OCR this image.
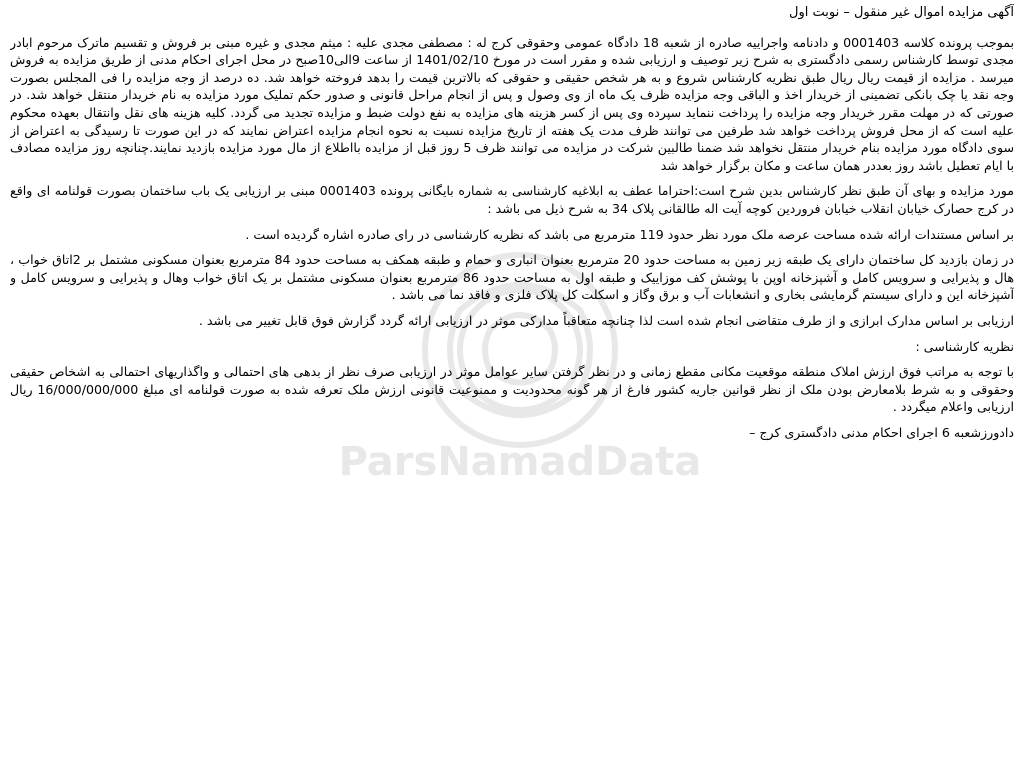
ParsNamadData

آگهی مزایده اموال غیر منقول – نوبت اول

بموجب پرونده کلاسه 0001403 و دادنامه واجراییه صادره از شعبه 18 دادگاه عمومی وحقوقی کرج له : مصطفی مجدی علیه : میثم مجدی و غیره مبنی بر فروش و تقسیم ماترک مرحوم ابادر مجدی توسط کارشناس رسمی دادگستری به شرح زیر توصیف و ارزیابی شده و مقرر است در مورخ 1401/02/10 از ساعت 9الی10صبح در محل اجرای احکام مدنی از طریق مزایده به فروش میرسد . مزایده از قیمت ریال ریال طبق نظریه کارشناس شروع و به هر شخص حقیقی و حقوقی که بالاترین قیمت را بدهد فروخته خواهد شد. ده درصد از وجه مزایده را فی المجلس بصورت وجه نقد یا چک بانکی تضمینی از خریدار اخذ و الباقی وجه مزایده ظرف یک ماه از وی وصول و پس از انجام مراحل قانونی و صدور حکم تملیک مورد مزایده به نام خریدار منتقل خواهد شد. در صورتی که در مهلت مقرر خریدار وجه مزایده را پرداخت ننماید سپرده وی پس از کسر هزینه های مزایده به نفع دولت ضبط و مزایده تجدید می گردد. کلیه هزینه های نقل وانتقال بعهده محکوم علیه است که از محل فروش پرداخت خواهد شد طرفین می توانند ظرف مدت یک هفته از تاریخ مزایده نسبت به نحوه انجام مزایده اعتراض نمایند که در این صورت تا رسیدگی به اعتراض از سوی دادگاه مورد مزایده بنام خریدار منتقل نخواهد شد ضمنا طالبین شرکت در مزایده می توانند ظرف 5 روز قبل از مزایده بااطلاع از مال مورد مزایده بازدید نمایند.چنانچه روز مزایده مصادف با ایام تعطیل باشد روز بعددر همان ساعت و مکان برگزار خواهد شد

مورد مزایده و بهای آن طبق نظر کارشناس بدین شرح است:احتراما عطف به ابلاغیه کارشناسی به شماره بایگانی پرونده 0001403 مبنی بر ارزیابی یک باب ساختمان بصورت قولنامه ای واقع در کرج حصارک خیابان انقلاب خیابان فروردین کوچه آیت اله طالقانی پلاک 34 به شرح ذیل می باشد :

بر اساس مستندات ارائه شده مساحت عرصه ملک مورد نظر حدود 119 مترمربع می باشد که نظریه کارشناسی در رای صادره اشاره گردیده است .

در زمان بازدید کل ساختمان دارای یک طبقه زیر زمین به مساحت حدود 20 مترمربع بعنوان انباری و حمام و طبقه همکف به مساحت حدود 84 مترمربع بعنوان مسکونی مشتمل بر 2اتاق خواب ، هال و پذیرایی و سرویس کامل و آشپزخانه اوپن با پوشش کف موزاییک و طبقه اول به مساحت حدود 86 مترمربع بعنوان مسکونی مشتمل بر یک اتاق خواب وهال و پذیرایی و سرویس کامل و آشپزخانه این و دارای سیستم گرمایشی بخاری و انشعابات آب و برق وگاز و اسکلت کل پلاک فلزی و فاقد نما می باشد .

ارزیابی بر اساس مدارک ابرازی و از طرف متقاضی انجام شده است لذا چنانچه متعاقباً مدارکی موثر در ارزیابی ارائه گردد گزارش فوق قابل تغییر می باشد .

نظریه کارشناسی :

با توجه به مراتب فوق ارزش املاک منطقه موقعیت مکانی مقطع زمانی و در نظر گرفتن سایر عوامل موثر در ارزیابی صرف نظر از بدهی های احتمالی و واگذاریهای احتمالی به اشخاص حقیقی وحقوقی و به شرط بلامعارض بودن ملک از نظر قوانین جاریه کشور فارغ از هر گونه محدودیت و ممنوعیت قانونی ارزش ملک تعرفه شده به صورت قولنامه ای مبلغ 16/000/000/000 ریال ارزیابی واعلام میگردد .

دادورزشعبه 6 اجرای احکام مدنی دادگستری کرج –
